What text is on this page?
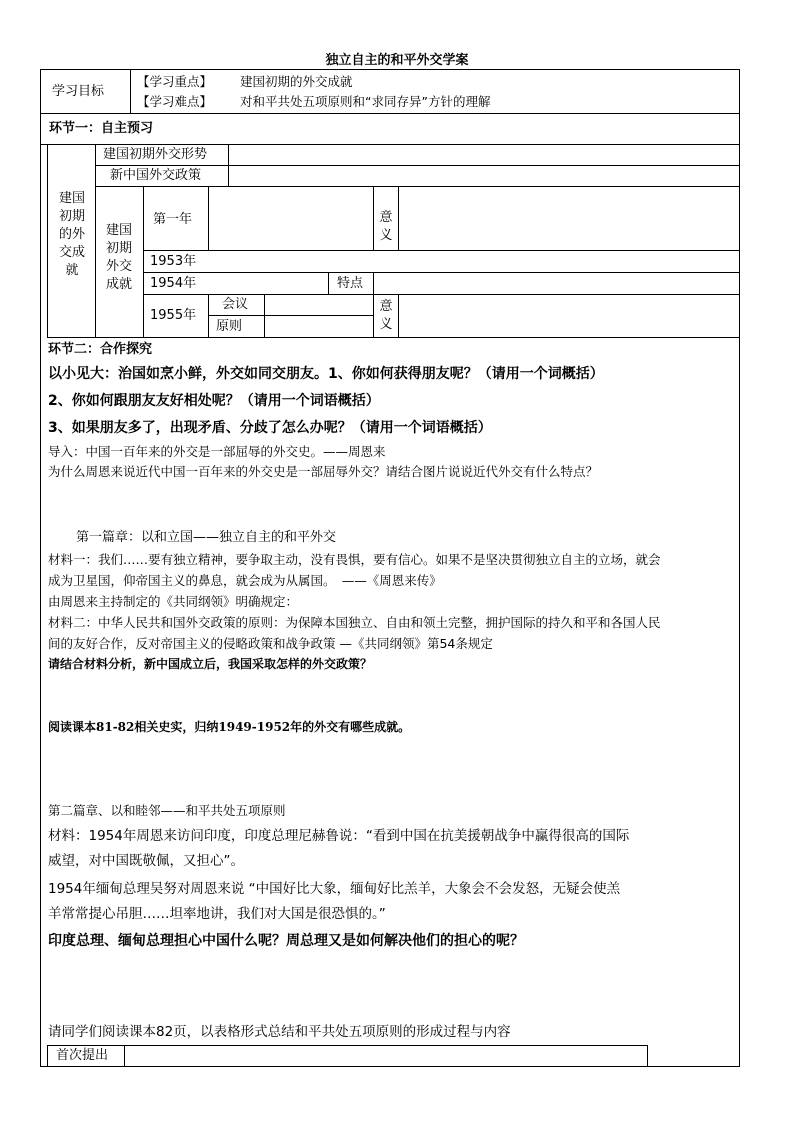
独立自主的和平外交学案
学习目标
【学习重点】 建国初期的外交成就
【学习难点】 对和平共处五项原则和“求同存异”方针的理解
环节一：自主预习
建国
初期
的外
交成
就
建国初期外交形势
新中国外交政策
建国
初期
外交
成就
第一年	意
义
1953年
1954年	特点
1955年
会议
原则
意
义
环节二：合作探究
以小见大：治国如烹小鲜，外交如同交朋友。1、你如何获得朋友呢？（请用一个词概括）
2、你如何跟朋友友好相处呢？（请用一个词语概括）
3、如果朋友多了，出现矛盾、分歧了怎么办呢？（请用一个词语概括）
导入：中国一百年来的外交是一部屈辱的外交史。——周恩来
为什么周恩来说近代中国一百年来的外交史是一部屈辱外交？请结合图片说说近代外交有什么特点？
第一篇章：以和立国——独立自主的和平外交
材料一：我们……要有独立精神，要争取主动，没有畏惧，要有信心。如果不是坚决贯彻独立自主的立场，就会
成为卫星国，仰帝国主义的鼻息，就会成为从属国。　——《周恩来传》
由周恩来主持制定的《共同纲领》明确规定：
材料二：中华人民共和国外交政策的原则：为保障本国独立、自由和领土完整，拥护国际的持久和平和各国人民
间的友好合作，反对帝国主义的侵略政策和战争政策 —《共同纲领》第54条规定
请结合材料分析，新中国成立后，我国采取怎样的外交政策？
阅读课本81-82相关史实，归纳1949-1952年的外交有哪些成就。
第二篇章、以和睦邻——和平共处五项原则
材料：1954年周恩来访问印度，印度总理尼赫鲁说：“看到中国在抗美援朝战争中赢得很高的国际
威望，对中国既敬佩，又担心”。
1954年缅甸总理吴努对周恩来说 “中国好比大象，缅甸好比羔羊，大象会不会发怒，无疑会使羔
羊常常提心吊胆……坦率地讲，我们对大国是很恐惧的。”
印度总理、缅甸总理担心中国什么呢？周总理又是如何解决他们的担心的呢？
请同学们阅读课本82页，以表格形式总结和平共处五项原则的形成过程与内容
首次提出
